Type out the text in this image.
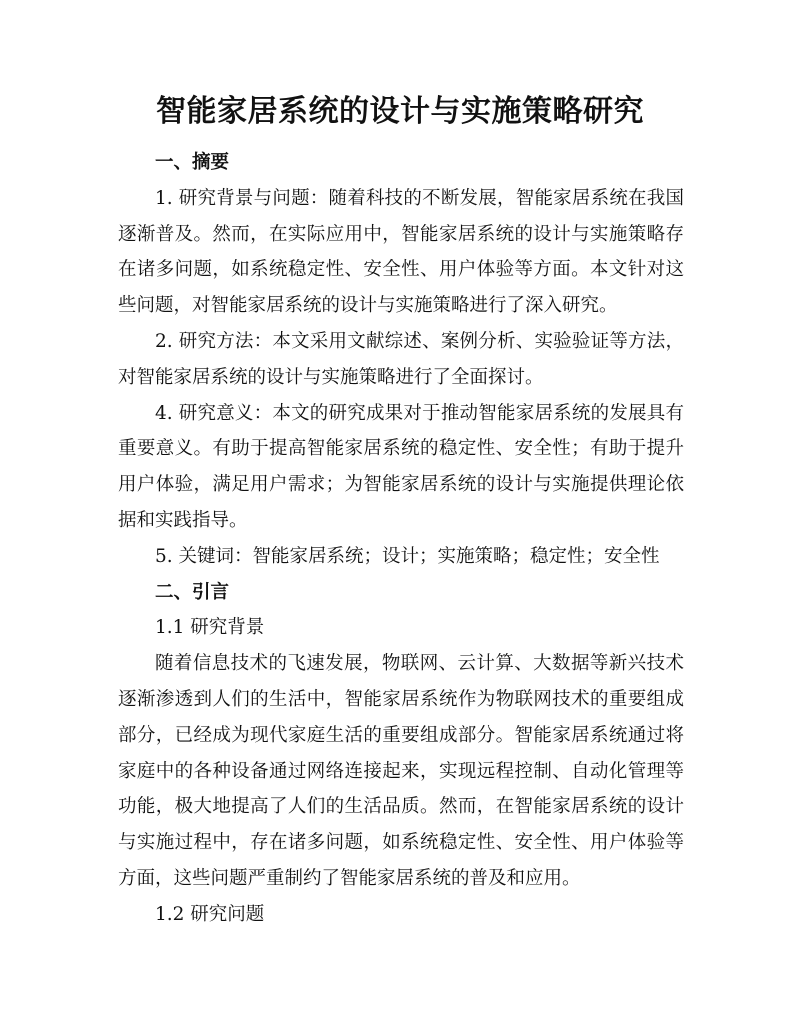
智能家居系统的设计与实施策略研究

一、摘要

1. 研究背景与问题：随着科技的不断发展，智能家居系统在我国逐渐普及。然而，在实际应用中，智能家居系统的设计与实施策略存在诸多问题，如系统稳定性、安全性、用户体验等方面。本文针对这些问题，对智能家居系统的设计与实施策略进行了深入研究。

2. 研究方法：本文采用文献综述、案例分析、实验验证等方法，对智能家居系统的设计与实施策略进行了全面探讨。

4. 研究意义：本文的研究成果对于推动智能家居系统的发展具有重要意义。有助于提高智能家居系统的稳定性、安全性；有助于提升用户体验，满足用户需求；为智能家居系统的设计与实施提供理论依据和实践指导。

5. 关键词：智能家居系统；设计；实施策略；稳定性；安全性

二、引言

1.1 研究背景

随着信息技术的飞速发展，物联网、云计算、大数据等新兴技术逐渐渗透到人们的生活中，智能家居系统作为物联网技术的重要组成部分，已经成为现代家庭生活的重要组成部分。智能家居系统通过将家庭中的各种设备通过网络连接起来，实现远程控制、自动化管理等功能，极大地提高了人们的生活品质。然而，在智能家居系统的设计与实施过程中，存在诸多问题，如系统稳定性、安全性、用户体验等方面，这些问题严重制约了智能家居系统的普及和应用。

1.2 研究问题
